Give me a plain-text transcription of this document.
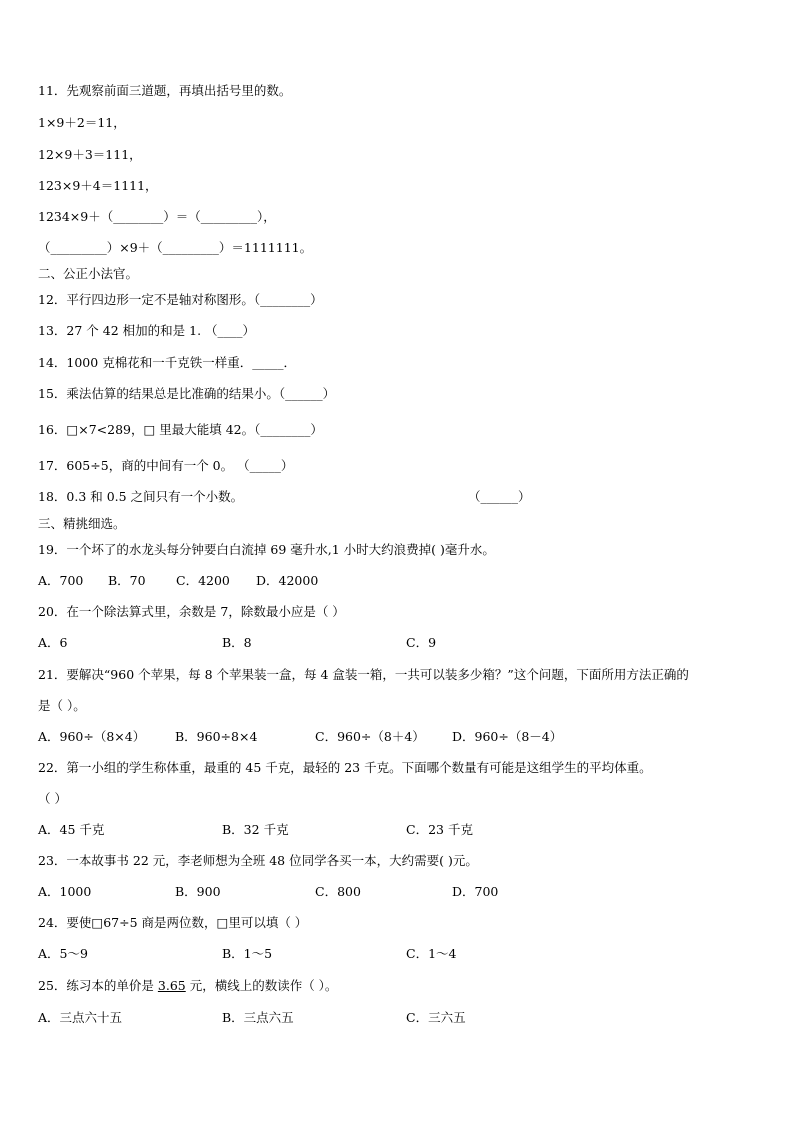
11．先观察前面三道题，再填出括号里的数。
1×9＋2＝11，
12×9＋3＝111，
123×9＋4＝1111，
1234×9＋（________）＝（_________），
（_________）×9＋（_________）＝1111111。
二、公正小法官。
12．平行四边形一定不是轴对称图形。（________）
13．27 个 42 相加的和是 1. （____）
14．1000 克棉花和一千克铁一样重．_____．
15．乘法估算的结果总是比准确的结果小。（______）
16．□×7<289，□ 里最大能填 42。（________）
17．605÷5，商的中间有一个 0。 （_____）
18．0.3 和 0.5 之间只有一个小数。	（______）
三、精挑细选。
19．一个坏了的水龙头每分钟要白白流掉 69 毫升水,1 小时大约浪费掉( )毫升水。
A．700 B．70 C．4200 D．42000
20．在一个除法算式里，余数是 7，除数最小应是（ ）
A．6	B．8	C．9
21．要解决“960 个苹果，每 8 个苹果装一盒，每 4 盒装一箱，一共可以装多少箱？”这个问题，下面所用方法正确的
是（ ）。
A．960÷（8×4） B．960÷8×4	C．960÷（8＋4） D．960÷（8－4）
22．第一小组的学生称体重，最重的 45 千克，最轻的 23 千克。下面哪个数量有可能是这组学生的平均体重。
（ ）
A．45 千克	B．32 千克	C．23 千克
23．一本故事书 22 元，李老师想为全班 48 位同学各买一本，大约需要( )元。
A．1000	B．900	C．800	D．700
24．要使□67÷5 商是两位数，□里可以填（ ）
A．5～9	B．1～5	C．1～4
25．练习本的单价是 3.65 元，横线上的数读作（ ）。
A．三点六十五	B．三点六五	C．三六五
